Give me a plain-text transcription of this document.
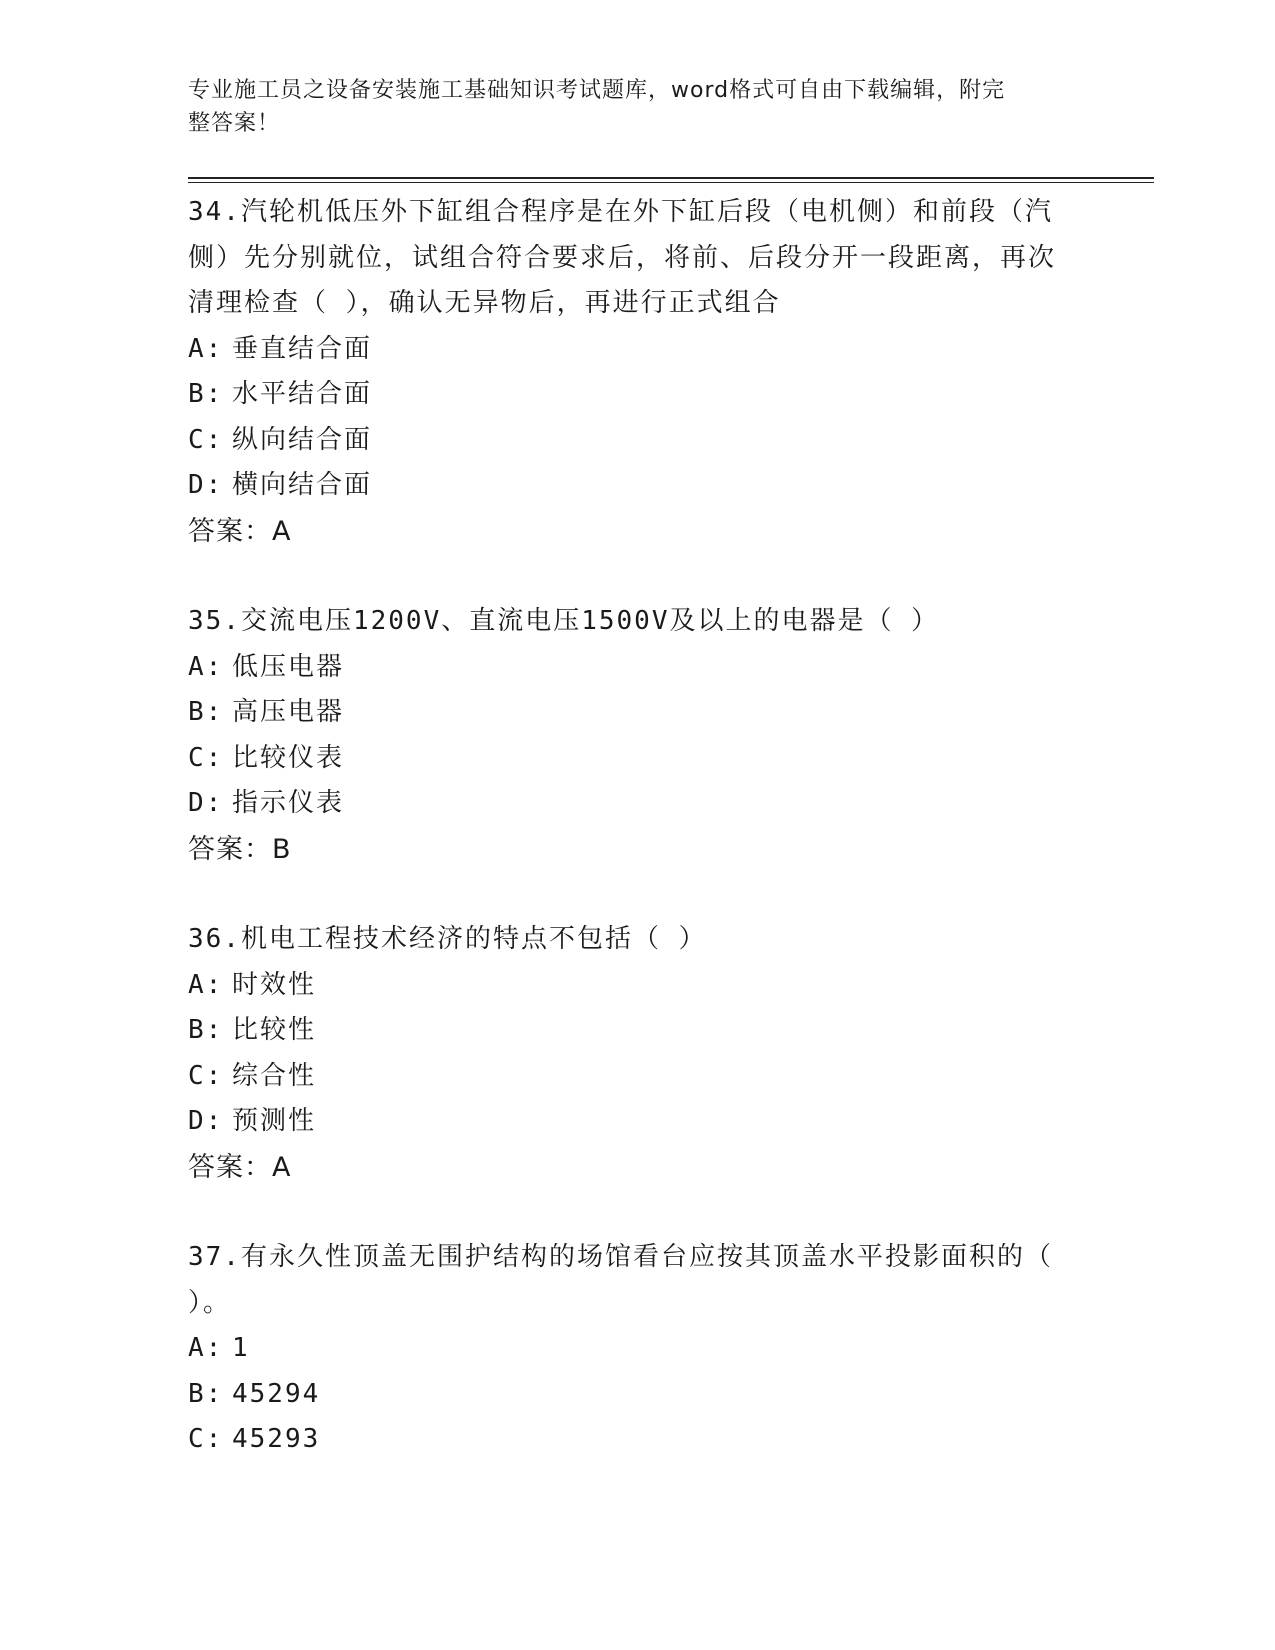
专业施工员之设备安装施工基础知识考试题库，word格式可自由下载编辑，附完
整答案！
34.汽轮机低压外下缸组合程序是在外下缸后段（电机侧）和前段（汽侧）先分别就位，试组合符合要求后，将前、后段分开一段距离，再次清理检查（ ），确认无异物后，再进行正式组合
A: 垂直结合面
B: 水平结合面
C: 纵向结合面
D: 横向结合面
答案：A
35.交流电压1200V、直流电压1500V及以上的电器是（ ）
A: 低压电器
B: 高压电器
C: 比较仪表
D: 指示仪表
答案：B
36.机电工程技术经济的特点不包括（ ）
A: 时效性
B: 比较性
C: 综合性
D: 预测性
答案：A
37.有永久性顶盖无围护结构的场馆看台应按其顶盖水平投影面积的（ ）。
A: 1
B: 45294
C: 45293
